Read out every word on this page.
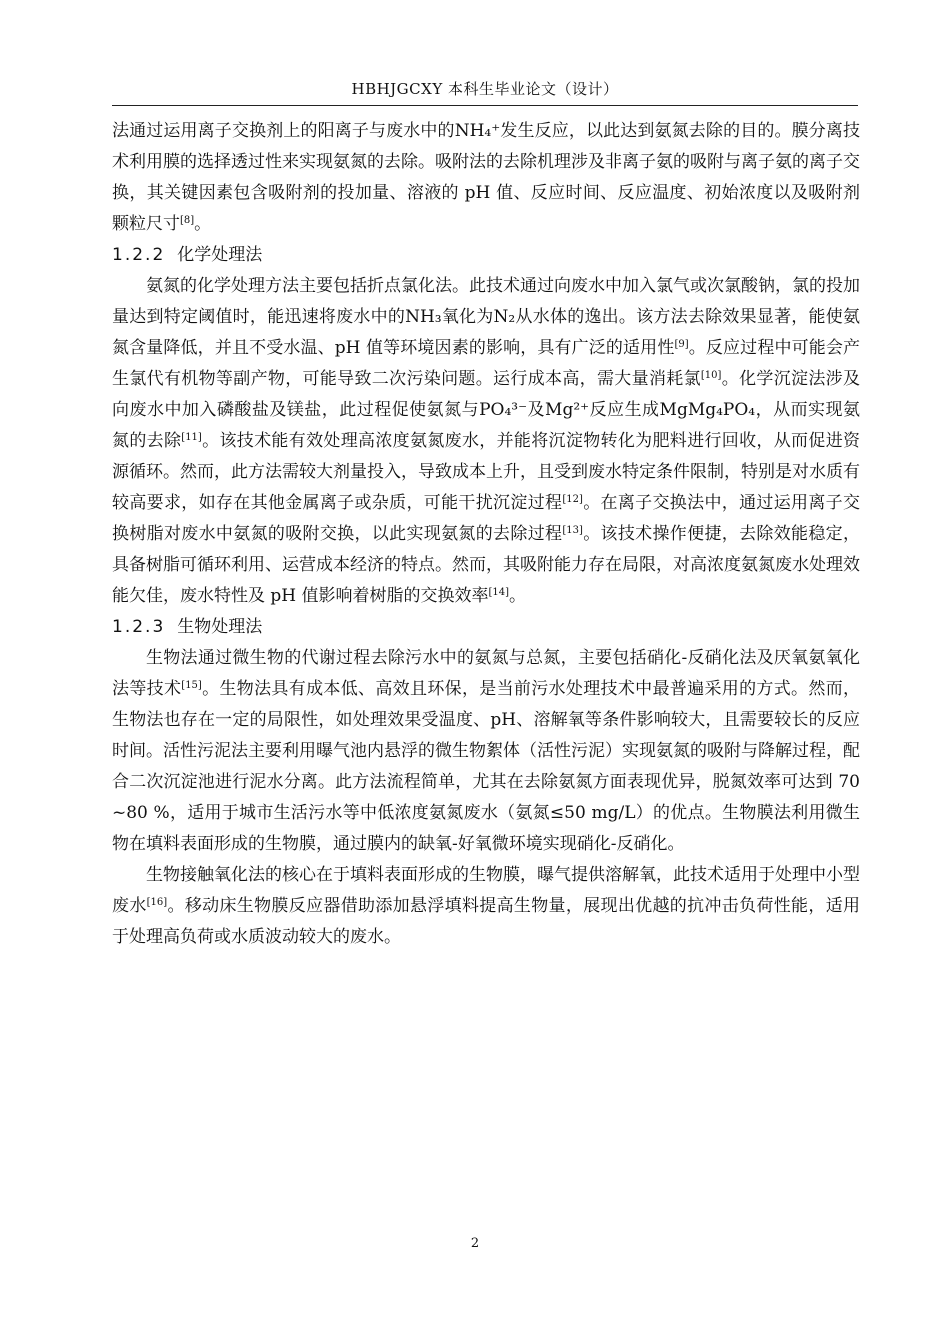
HBHJGCXY 本科生毕业论文（设计）

法通过运用离子交换剂上的阳离子与废水中的NH₄⁺发生反应，以此达到氨氮去除的目的。膜分离技术利用膜的选择透过性来实现氨氮的去除。吸附法的去除机理涉及非离子氨的吸附与离子氨的离子交换，其关键因素包含吸附剂的投加量、溶液的 pH 值、反应时间、反应温度、初始浓度以及吸附剂颗粒尺寸[8]。

1.2.2 化学处理法

氨氮的化学处理方法主要包括折点氯化法。此技术通过向废水中加入氯气或次氯酸钠，氯的投加量达到特定阈值时，能迅速将废水中的NH₃氧化为N₂从水体的逸出。该方法去除效果显著，能使氨氮含量降低，并且不受水温、pH 值等环境因素的影响，具有广泛的适用性[9]。反应过程中可能会产生氯代有机物等副产物，可能导致二次污染问题。运行成本高，需大量消耗氯[10]。化学沉淀法涉及向废水中加入磷酸盐及镁盐，此过程促使氨氮与PO₄³⁻及Mg²⁺反应生成MgMg₄PO₄，从而实现氨氮的去除[11]。该技术能有效处理高浓度氨氮废水，并能将沉淀物转化为肥料进行回收，从而促进资源循环。然而，此方法需较大剂量投入，导致成本上升，且受到废水特定条件限制，特别是对水质有较高要求，如存在其他金属离子或杂质，可能干扰沉淀过程[12]。在离子交换法中，通过运用离子交换树脂对废水中氨氮的吸附交换，以此实现氨氮的去除过程[13]。该技术操作便捷，去除效能稳定，具备树脂可循环利用、运营成本经济的特点。然而，其吸附能力存在局限，对高浓度氨氮废水处理效能欠佳，废水特性及 pH 值影响着树脂的交换效率[14]。

1.2.3 生物处理法

生物法通过微生物的代谢过程去除污水中的氨氮与总氮，主要包括硝化-反硝化法及厌氧氨氧化法等技术[15]。生物法具有成本低、高效且环保，是当前污水处理技术中最普遍采用的方式。然而，生物法也存在一定的局限性，如处理效果受温度、pH、溶解氧等条件影响较大，且需要较长的反应时间。活性污泥法主要利用曝气池内悬浮的微生物絮体（活性污泥）实现氨氮的吸附与降解过程，配合二次沉淀池进行泥水分离。此方法流程简单，尤其在去除氨氮方面表现优异，脱氮效率可达到 70~80 %，适用于城市生活污水等中低浓度氨氮废水（氨氮≤50 mg/L）的优点。生物膜法利用微生物在填料表面形成的生物膜，通过膜内的缺氧-好氧微环境实现硝化-反硝化。

生物接触氧化法的核心在于填料表面形成的生物膜，曝气提供溶解氧，此技术适用于处理中小型废水[16]。移动床生物膜反应器借助添加悬浮填料提高生物量，展现出优越的抗冲击负荷性能，适用于处理高负荷或水质波动较大的废水。

2
